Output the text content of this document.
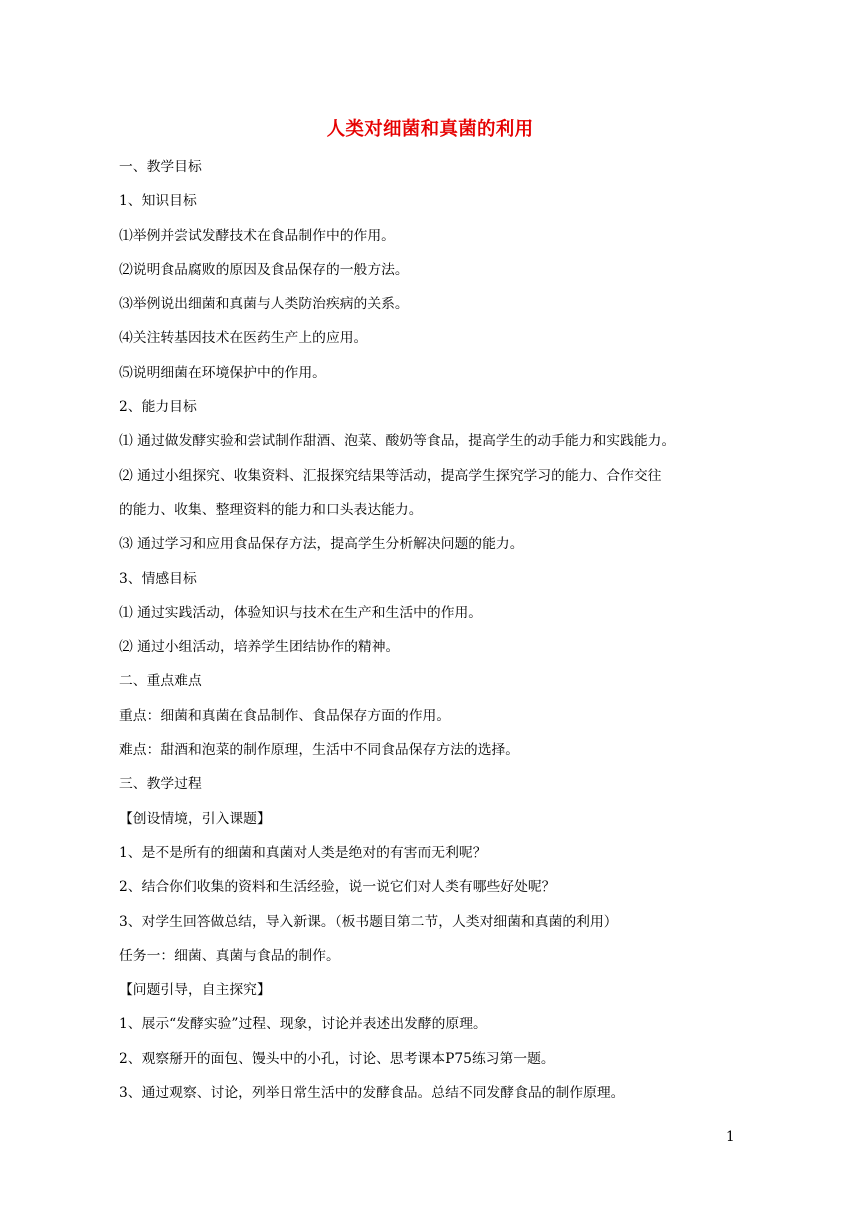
人类对细菌和真菌的利用
一、教学目标
1、知识目标
⑴举例并尝试发酵技术在食品制作中的作用。
⑵说明食品腐败的原因及食品保存的一般方法。
⑶举例说出细菌和真菌与人类防治疾病的关系。
⑷关注转基因技术在医药生产上的应用。
⑸说明细菌在环境保护中的作用。
2、能力目标
⑴ 通过做发酵实验和尝试制作甜酒、泡菜、酸奶等食品，提高学生的动手能力和实践能力。
⑵ 通过小组探究、收集资料、汇报探究结果等活动，提高学生探究学习的能力、合作交往
的能力、收集、整理资料的能力和口头表达能力。
⑶ 通过学习和应用食品保存方法，提高学生分析解决问题的能力。
3、情感目标
⑴ 通过实践活动，体验知识与技术在生产和生活中的作用。
⑵ 通过小组活动，培养学生团结协作的精神。
二、重点难点
重点：细菌和真菌在食品制作、食品保存方面的作用。
难点：甜酒和泡菜的制作原理，生活中不同食品保存方法的选择。
三、教学过程
【创设情境，引入课题】
1、是不是所有的细菌和真菌对人类是绝对的有害而无利呢？
2、结合你们收集的资料和生活经验，说一说它们对人类有哪些好处呢？
3、对学生回答做总结，导入新课。（板书题目第二节，人类对细菌和真菌的利用）
任务一：细菌、真菌与食品的制作。
【问题引导，自主探究】
1、展示“发酵实验”过程、现象，讨论并表述出发酵的原理。
2、观察掰开的面包、馒头中的小孔，讨论、思考课本P75练习第一题。
3、通过观察、讨论，列举日常生活中的发酵食品。总结不同发酵食品的制作原理。
1
